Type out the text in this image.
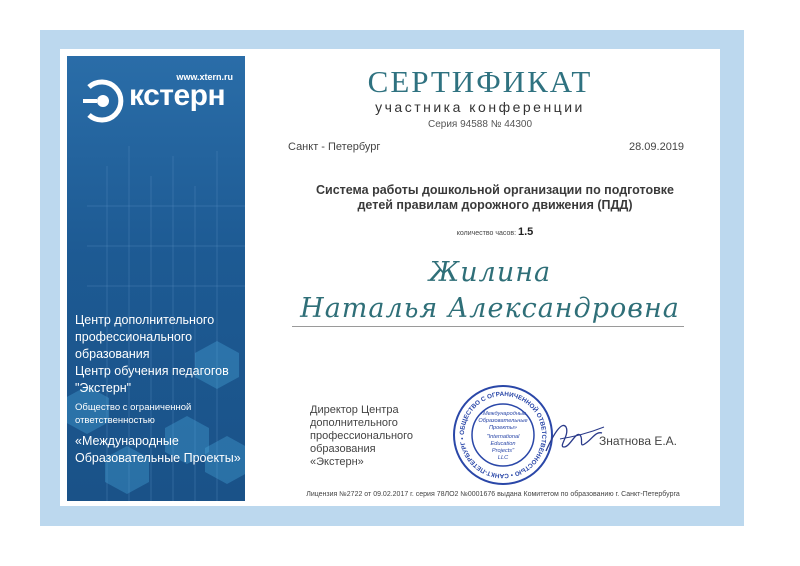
www.xtern.ru
кстерн
Центр дополнительного профессионального образования
Центр обучения педагогов "Экстерн"
Общество с ограниченной ответственностью
«Международные Образовательные Проекты»
СЕРТИФИКАТ
участника конференции
Серия 94588 № 44300
Санкт - Петербург	28.09.2019
Система работы дошкольной организации по подготовке
детей правилам дорожного движения (ПДД)
количество часов: 1.5
Жилина
Наталья Александровна
Директор Центра
дополнительного
профессионального
образования
«Экстерн»
ОБЩЕСТВО С ОГРАНИЧЕННОЙ ОТВЕТСТВЕННОСТЬЮ • САНКТ-ПЕТЕРБУРГ •
«Международные
Образовательные
Проекты»
"International
Education
Projects"
LLC
Знатнова Е.А.
Лицензия №2722 от 09.02.2017 г. серия 78ЛО2 №0001676 выдана Комитетом по образованию г. Санкт-Петербурга
